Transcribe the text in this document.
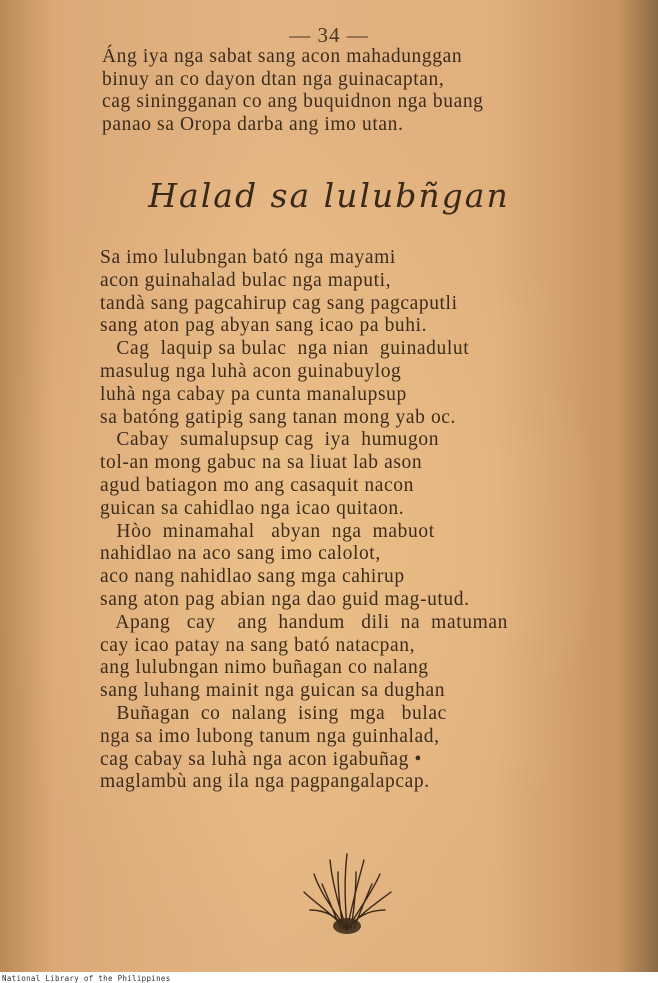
— 34 —
Áng iya nga sabat sang acon mahadunggan
binuy an co dayon dtan nga guinacaptan,
cag siningganan co ang buquidnon nga buang
panao sa Oropa darba ang imo utan.
Halad sa lulubñgan
Sa imo lulubngan bató nga mayami
acon guinahalad bulac nga maputi,
tandà sang pagcahirup cag sang pagcaputli
sang aton pag abyan sang icao pa buhi.
Cag  laquip sa bulac  nga nian  guinadulut
masulug nga luhà acon guinabuylog
luhà nga cabay pa cunta manalupsup
sa batóng gatipig sang tanan mong yab oc.
Cabay  sumalupsup cag  iya  humugon
tol-an mong gabuc na sa liuat lab ason
agud batiagon mo ang casaquit nacon
guican sa cahidlao nga icao quitaon.
Hòo  minamahal   abyan  nga  mabuot
nahidlao na aco sang imo calolot,
aco nang nahidlao sang mga cahirup
sang aton pag abian nga dao guid mag-utud.
Apang   cay    ang  handum   dili  na  matuman
cay icao patay na sang bató natacpan,
ang lulubngan nimo buñagan co nalang
sang luhang mainit nga guican sa dughan
Buñagan  co  nalang  ising  mga   bulac
nga sa imo lubong tanum nga guinhalad,
cag cabay sa luhà nga acon igabuñag •
maglambù ang ila nga pagpangalapcap.
National Library of the Philippines
